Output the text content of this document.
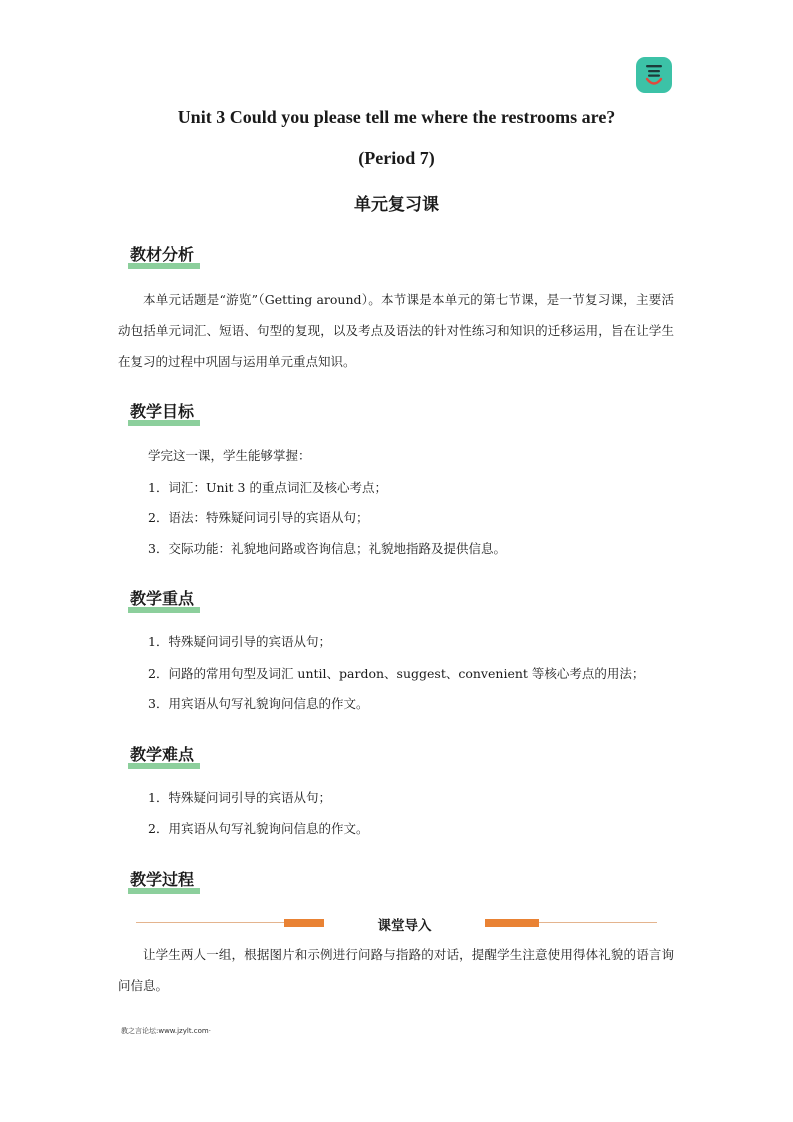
Unit 3 Could you please tell me where the restrooms are?
(Period 7)
单元复习课
教材分析
本单元话题是“游览”（Getting around）。本节课是本单元的第七节课，是一节复习课，主要活动包括单元词汇、短语、句型的复现，以及考点及语法的针对性练习和知识的迁移运用，旨在让学生在复习的过程中巩固与运用单元重点知识。
教学目标
学完这一课，学生能够掌握：
1．词汇：Unit 3 的重点词汇及核心考点；
2．语法：特殊疑问词引导的宾语从句；
3．交际功能：礼貌地问路或咨询信息；礼貌地指路及提供信息。
教学重点
1．特殊疑问词引导的宾语从句；
2．问路的常用句型及词汇 until、pardon、suggest、convenient 等核心考点的用法；
3．用宾语从句写礼貌询问信息的作文。
教学难点
1．特殊疑问词引导的宾语从句；
2．用宾语从句写礼貌询问信息的作文。
教学过程
课堂导入
让学生两人一组，根据图片和示例进行问路与指路的对话，提醒学生注意使用得体礼貌的语言询问信息。
教之言论坛:www.jzylt.com·
